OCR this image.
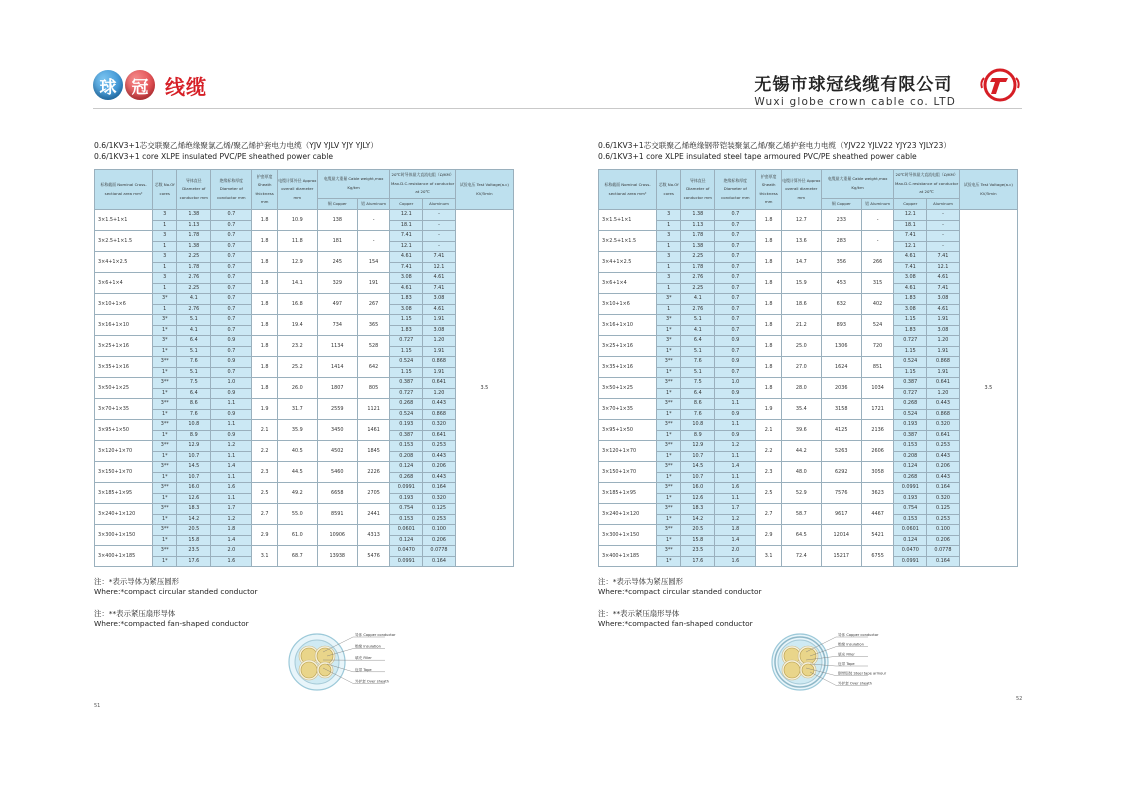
球 冠 线缆	无锡市球冠线缆有限公司
Wuxi globe crown cable co. LTD
0.6/1KV3+1芯交联聚乙烯绝缘聚氯乙烯/聚乙烯护套电力电缆（YJV YJLV YJY YJLY）
0.6/1KV3+1 core XLPE insulated PVC/PE sheathed power cable
标称截面 Nominal Cross-sectional area mm²	芯数 No.Of cores	导体直径 Diameter of conductor mm	绝缘标称厚度 Diameter of conductor mm	护套厚度 Sheath thickness mm	电缆计算外径 Approx overall diameter mm	电缆最大重量 Cable weight,max Kg/km		20℃时导体最大直流电阻（Ω/KM） Max.D.C.resistance of conductor at 20℃		试验电压 Test Voltage(a.c) KV/5min
						铜 Copper	铝 Aluminum	Copper	Aluminum	
3×1.5+1×1	3	1.38	0.7	1.8	10.9	138	-	12.1	-	3.5
	1	1.13	0.7					18.1	-	
3×2.5+1×1.5	3	1.78	0.7	1.8	11.8	181	-	7.41	-	
	1	1.38	0.7					12.1	-	
3×4+1×2.5	3	2.25	0.7	1.8	12.9	245	154	4.61	7.41	
	1	1.78	0.7					7.41	12.1	
3×6+1×4	3	2.76	0.7	1.8	14.1	329	191	3.08	4.61	
	1	2.25	0.7					4.61	7.41	
3×10+1×6	3*	4.1	0.7	1.8	16.8	497	267	1.83	3.08	
	1	2.76	0.7					3.08	4.61	
3×16+1×10	3*	5.1	0.7	1.8	19.4	734	365	1.15	1.91	
	1*	4.1	0.7					1.83	3.08	
3×25+1×16	3*	6.4	0.9	1.8	23.2	1134	528	0.727	1.20	
	1*	5.1	0.7					1.15	1.91	
3×35+1×16	3**	7.6	0.9	1.8	25.2	1414	642	0.524	0.868	
	1*	5.1	0.7					1.15	1.91	
3×50+1×25	3**	7.5	1.0	1.8	26.0	1807	805	0.387	0.641	
	1*	6.4	0.9					0.727	1.20	
3×70+1×35	3**	8.6	1.1	1.9	31.7	2559	1121	0.268	0.443	
	1*	7.6	0.9					0.524	0.868	
3×95+1×50	3**	10.8	1.1	2.1	35.9	3450	1461	0.193	0.320	
	1*	8.9	0.9					0.387	0.641	
3×120+1×70	3**	12.9	1.2	2.2	40.5	4502	1845	0.153	0.253	
	1*	10.7	1.1					0.208	0.443	
3×150+1×70	3**	14.5	1.4	2.3	44.5	5460	2226	0.124	0.206	
	1*	10.7	1.1					0.268	0.443	
3×185+1×95	3**	16.0	1.6	2.5	49.2	6658	2705	0.0991	0.164	
	1*	12.6	1.1					0.193	0.320	
3×240+1×120	3**	18.3	1.7	2.7	55.0	8591	2441	0.754	0.125	
	1*	14.2	1.2					0.153	0.253	
3×300+1×150	3**	20.5	1.8	2.9	61.0	10906	4313	0.0601	0.100	
	1*	15.8	1.4					0.124	0.206	
3×400+1×185	3**	23.5	2.0	3.1	68.7	13938	5476	0.0470	0.0778	
	1*	17.6	1.6					0.0991	0.164	
注：*表示导体为紧压圆形
Where:*compact circular standed conductor
注：**表示紧压扇形导体
Where:*compacted fan-shaped conductor
导体 Copper conductor
绝缘 Insulation
填充 Filler
包带 Tape
外护套 Over sheath
51
0.6/1KV3+1芯交联聚乙烯绝缘钢带铠装聚氯乙烯/聚乙烯护套电力电缆（YJV22 YJLV22 YJY23 YJLY23）
0.6/1KV3+1 core XLPE insulated steel tape armoured PVC/PE sheathed power cable
标称截面 Nominal Cross-sectional area mm²	芯数 No.Of cores	导体直径 Diameter of conductor mm	绝缘标称厚度 Diameter of conductor mm	护套厚度 Sheath thickness mm	电缆计算外径 Approx overall diameter mm	电缆最大重量 Cable weight,max Kg/km		20℃时导体最大直流电阻（Ω/KM） Max.D.C.resistance of conductor at 20℃		试验电压 Test Voltage(a.c) KV/5min
						铜 Copper	铝 Aluminum	Copper	Aluminum	
3×1.5+1×1	3	1.38	0.7	1.8	12.7	233	-	12.1	-	3.5
	1	1.13	0.7					18.1	-	
3×2.5+1×1.5	3	1.78	0.7	1.8	13.6	283	-	7.41	-	
	1	1.38	0.7					12.1	-	
3×4+1×2.5	3	2.25	0.7	1.8	14.7	356	266	4.61	7.41	
	1	1.78	0.7					7.41	12.1	
3×6+1×4	3	2.76	0.7	1.8	15.9	453	315	3.08	4.61	
	1	2.25	0.7					4.61	7.41	
3×10+1×6	3*	4.1	0.7	1.8	18.6	632	402	1.83	3.08	
	1	2.76	0.7					3.08	4.61	
3×16+1×10	3*	5.1	0.7	1.8	21.2	893	524	1.15	1.91	
	1*	4.1	0.7					1.83	3.08	
3×25+1×16	3*	6.4	0.9	1.8	25.0	1306	720	0.727	1.20	
	1*	5.1	0.7					1.15	1.91	
3×35+1×16	3**	7.6	0.9	1.8	27.0	1624	851	0.524	0.868	
	1*	5.1	0.7					1.15	1.91	
3×50+1×25	3**	7.5	1.0	1.8	28.0	2036	1034	0.387	0.641	
	1*	6.4	0.9					0.727	1.20	
3×70+1×35	3**	8.6	1.1	1.9	35.4	3158	1721	0.268	0.443	
	1*	7.6	0.9					0.524	0.868	
3×95+1×50	3**	10.8	1.1	2.1	39.6	4125	2136	0.193	0.320	
	1*	8.9	0.9					0.387	0.641	
3×120+1×70	3**	12.9	1.2	2.2	44.2	5263	2606	0.153	0.253	
	1*	10.7	1.1					0.208	0.443	
3×150+1×70	3**	14.5	1.4	2.3	48.0	6292	3058	0.124	0.206	
	1*	10.7	1.1					0.268	0.443	
3×185+1×95	3**	16.0	1.6	2.5	52.9	7576	3623	0.0991	0.164	
	1*	12.6	1.1					0.193	0.320	
3×240+1×120	3**	18.3	1.7	2.7	58.7	9617	4467	0.754	0.125	
	1*	14.2	1.2					0.153	0.253	
3×300+1×150	3**	20.5	1.8	2.9	64.5	12014	5421	0.0601	0.100	
	1*	15.8	1.4					0.124	0.206	
3×400+1×185	3**	23.5	2.0	3.1	72.4	15217	6755	0.0470	0.0778	
	1*	17.6	1.6					0.0991	0.164	
注：*表示导体为紧压圆形
Where:*compact circular standed conductor
注：**表示紧压扇形导体
Where:*compacted fan-shaped conductor
导体 Copper conductor
绝缘 Insulation
填充 Filler
包带 Tape
钢带铠装 Steel tape armour
外护套 Over sheath
52
